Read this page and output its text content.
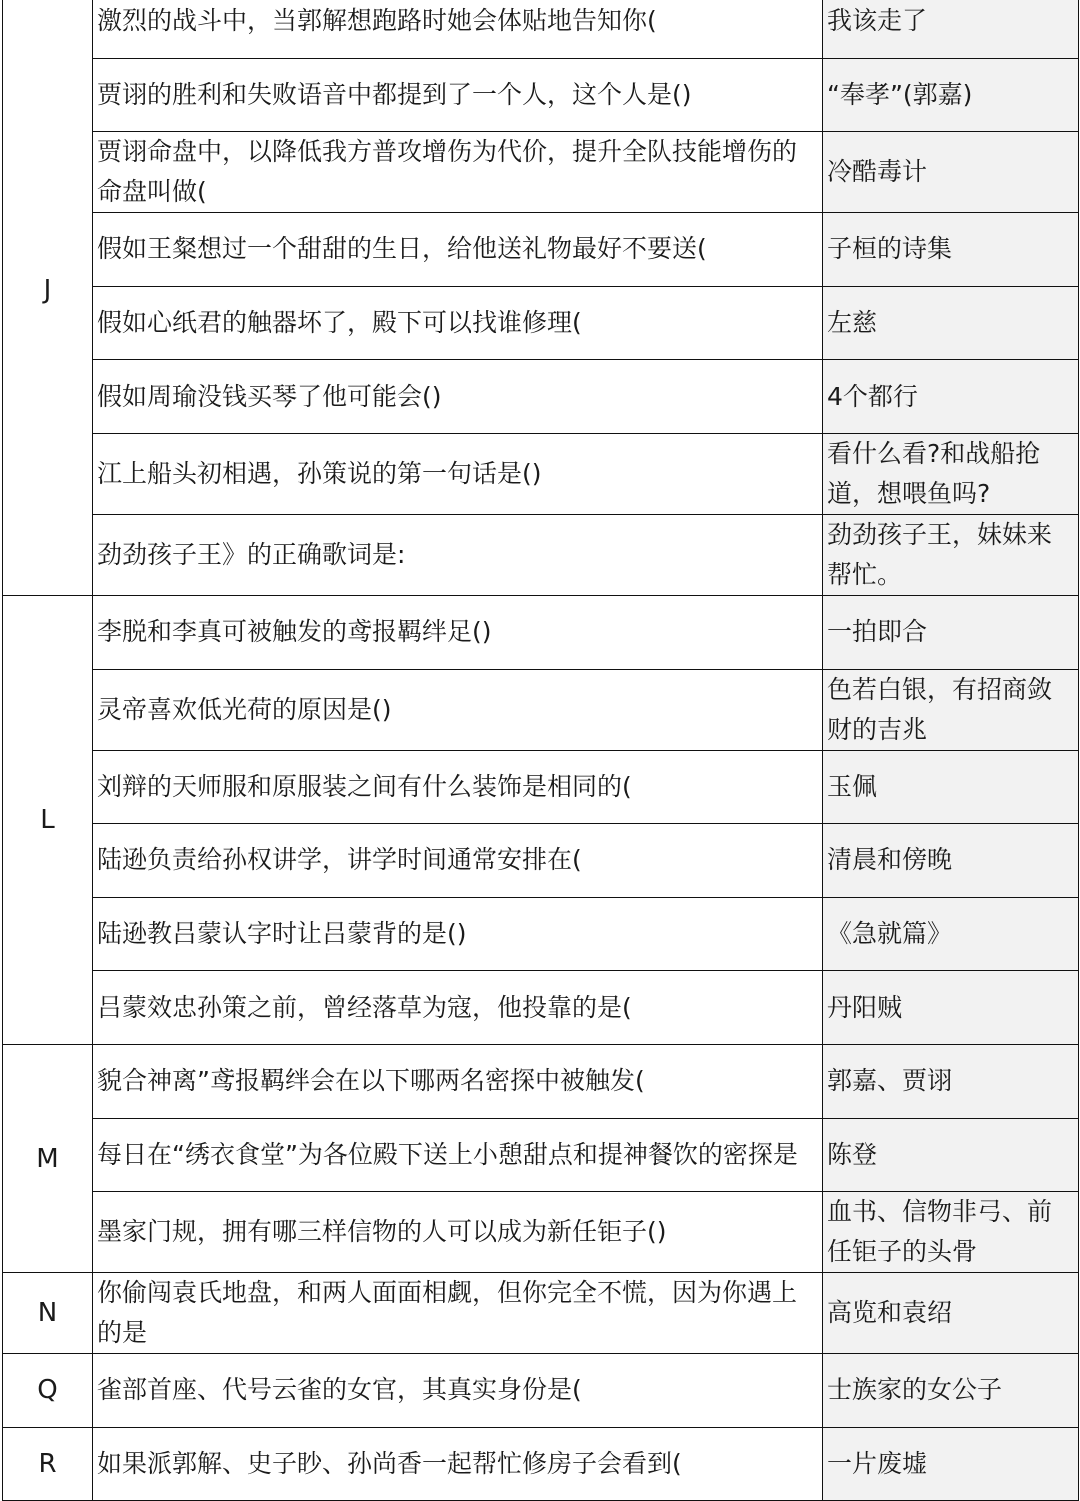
J	激烈的战斗中，当郭解想跑路时她会体贴地告知你(	我该走了
	贾诩的胜利和失败语音中都提到了一个人，这个人是()	“奉孝”(郭嘉)
	贾诩命盘中，以降低我方普攻增伤为代价，提升全队技能增伤的命盘叫做(	冷酷毒计
	假如王粲想过一个甜甜的生日，给他送礼物最好不要送(	子桓的诗集
	假如心纸君的触器坏了，殿下可以找谁修理(	左慈
	假如周瑜没钱买琴了他可能会()	4个都行
	江上船头初相遇，孙策说的第一句话是()	看什么看?和战船抢道，想喂鱼吗?
	劲劲孩子王》的正确歌词是:	劲劲孩子王，妹妹来帮忙。
L	李脱和李真可被触发的鸢报羁绊足()	一拍即合
	灵帝喜欢低光荷的原因是()	色若白银，有招商敛财的吉兆
	刘辩的天师服和原服装之间有什么装饰是相同的(	玉佩
	陆逊负责给孙权讲学，讲学时间通常安排在(	清晨和傍晚
	陆逊教吕蒙认字时让吕蒙背的是()	《急就篇》
	吕蒙效忠孙策之前，曾经落草为寇，他投靠的是(	丹阳贼
M	貌合神离”鸢报羁绊会在以下哪两名密探中被触发(	郭嘉、贾诩
	每日在“绣衣食堂”为各位殿下送上小憩甜点和提神餐饮的密探是	陈登
	墨家门规，拥有哪三样信物的人可以成为新任钜子()	血书、信物非弓、前任钜子的头骨
N	你偷闯袁氏地盘，和两人面面相觑，但你完全不慌，因为你遇上的是	高览和袁绍
Q	雀部首座、代号云雀的女官，其真实身份是(	士族家的女公子
R	如果派郭解、史子眇、孙尚香一起帮忙修房子会看到(	一片废墟
